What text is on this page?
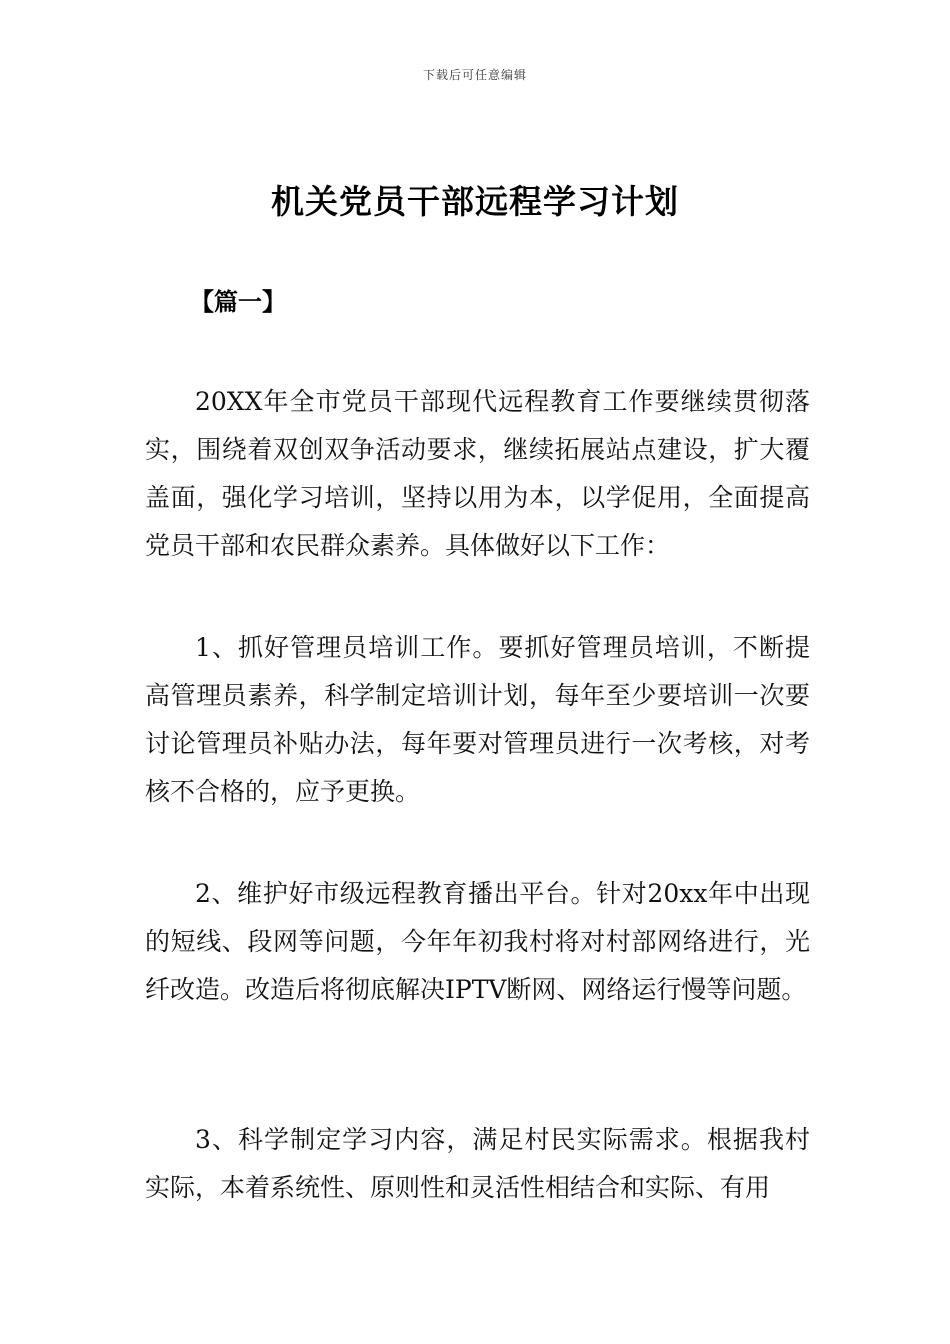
下载后可任意编辑
机关党员干部远程学习计划
【篇一】

20XX年全市党员干部现代远程教育工作要继续贯彻落实，围绕着双创双争活动要求，继续拓展站点建设，扩大覆盖面，强化学习培训，坚持以用为本，以学促用，全面提高党员干部和农民群众素养。具体做好以下工作：

1、抓好管理员培训工作。要抓好管理员培训，不断提高管理员素养，科学制定培训计划，每年至少要培训一次要讨论管理员补贴办法，每年要对管理员进行一次考核，对考核不合格的，应予更换。

2、维护好市级远程教育播出平台。针对20xx年中出现的短线、段网等问题，今年年初我村将对村部网络进行，光纤改造。改造后将彻底解决IPTV断网、网络运行慢等问题。

3、科学制定学习内容，满足村民实际需求。根据我村实际，本着系统性、原则性和灵活性相结合和实际、有用
